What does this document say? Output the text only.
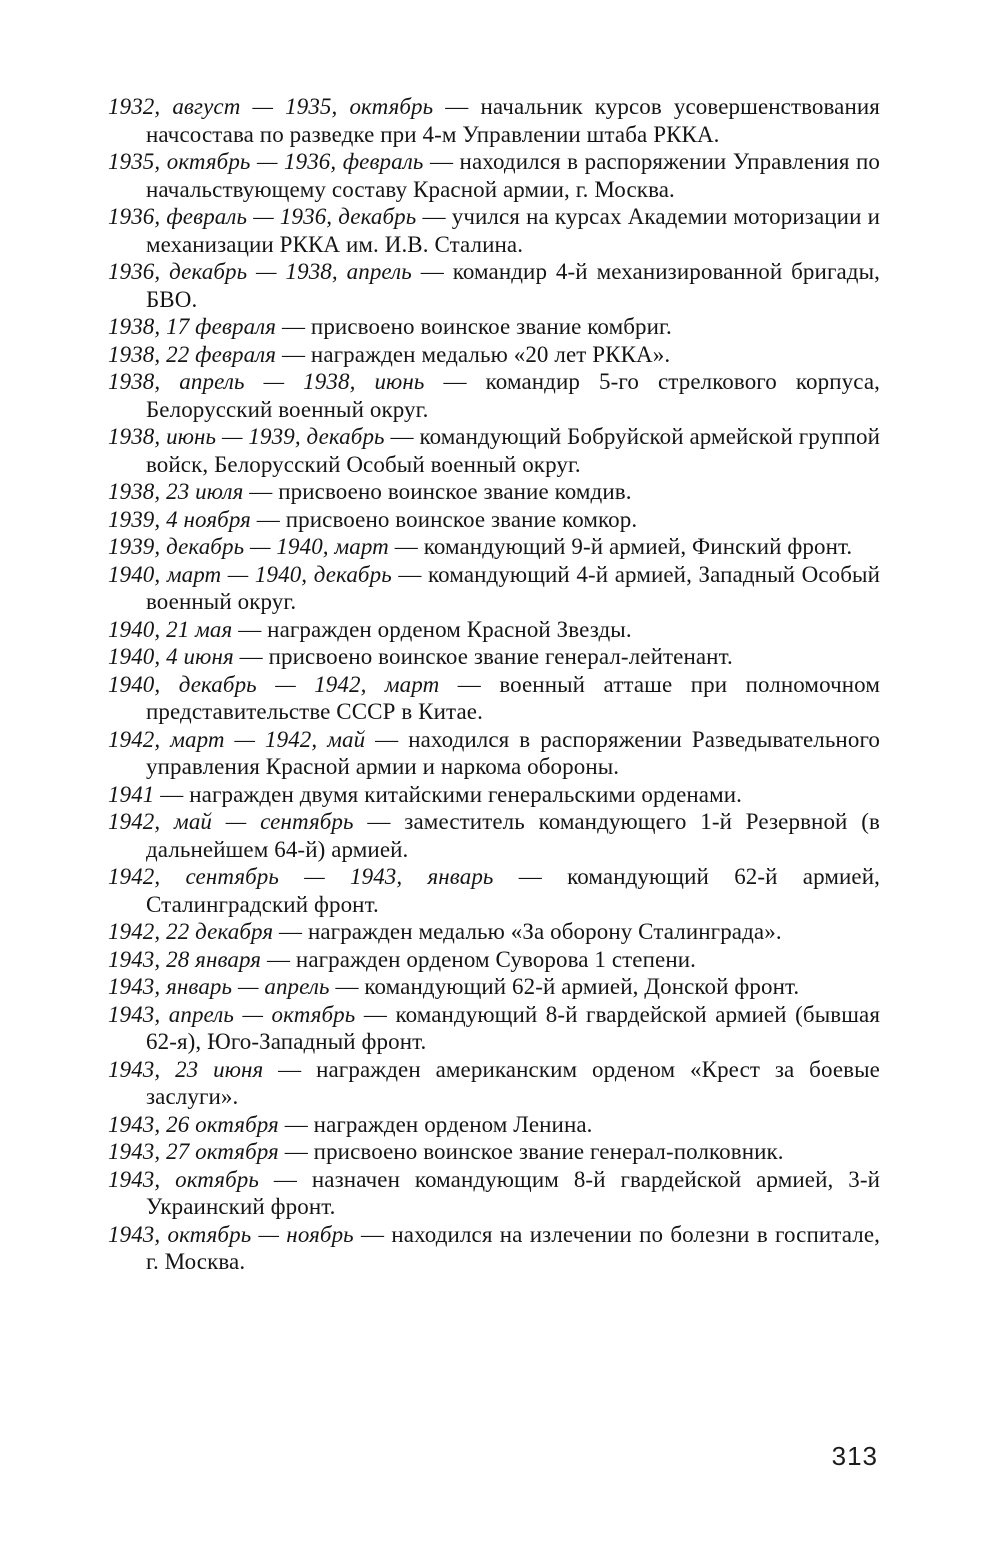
1932, август — 1935, октябрь — начальник курсов усовершенствования начсостава по разведке при 4-м Управлении штаба РККА.

1935, октябрь — 1936, февраль — находился в распоряжении Управления по начальствующему составу Красной армии, г. Москва.

1936, февраль — 1936, декабрь — учился на курсах Академии моторизации и механизации РККА им. И.В. Сталина.

1936, декабрь — 1938, апрель — командир 4-й механизированной бригады, БВО.

1938, 17 февраля — присвоено воинское звание комбриг.

1938, 22 февраля — награжден медалью «20 лет РККА».

1938, апрель — 1938, июнь — командир 5-го стрелкового корпуса, Белорусский военный округ.

1938, июнь — 1939, декабрь — командующий Бобруйской армейской группой войск, Белорусский Особый военный округ.

1938, 23 июля — присвоено воинское звание комдив.

1939, 4 ноября — присвоено воинское звание комкор.

1939, декабрь — 1940, март — командующий 9-й армией, Финский фронт.

1940, март — 1940, декабрь — командующий 4-й армией, Западный Особый военный округ.

1940, 21 мая — награжден орденом Красной Звезды.

1940, 4 июня — присвоено воинское звание генерал-лейтенант.

1940, декабрь — 1942, март — военный атташе при полномочном представительстве СССР в Китае.

1942, март — 1942, май — находился в распоряжении Разведывательного управления Красной армии и наркома обороны.

1941 — награжден двумя китайскими генеральскими орденами.

1942, май — сентябрь — заместитель командующего 1-й Резервной (в дальнейшем 64-й) армией.

1942, сентябрь — 1943, январь — командующий 62-й армией, Сталинградский фронт.

1942, 22 декабря — награжден медалью «За оборону Сталинграда».

1943, 28 января — награжден орденом Суворова 1 степени.

1943, январь — апрель — командующий 62-й армией, Донской фронт.

1943, апрель — октябрь — командующий 8-й гвардейской армией (бывшая 62-я), Юго-Западный фронт.

1943, 23 июня — награжден американским орденом «Крест за боевые заслуги».

1943, 26 октября — награжден орденом Ленина.

1943, 27 октября — присвоено воинское звание генерал-полковник.

1943, октябрь — назначен командующим 8-й гвардейской армией, 3-й Украинский фронт.

1943, октябрь — ноябрь — находился на излечении по болезни в госпитале, г. Москва.

313
